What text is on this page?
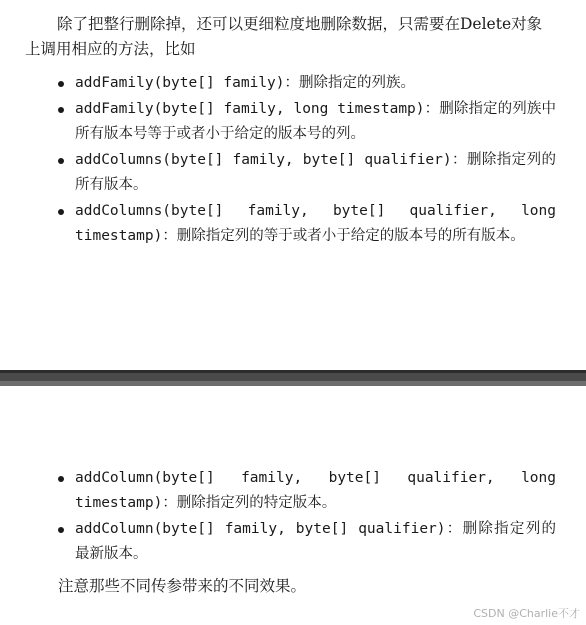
除了把整行删除掉，还可以更细粒度地删除数据，只需要在Delete对象上调用相应的方法，比如

addFamily(byte[] family)：删除指定的列族。
addFamily(byte[] family, long timestamp)：删除指定的列族中所有版本号等于或者小于给定的版本号的列。
addColumns(byte[] family, byte[] qualifier)：删除指定列的所有版本。
addColumns(byte[] family, byte[] qualifier, long timestamp)：删除指定列的等于或者小于给定的版本号的所有版本。
addColumn(byte[] family, byte[] qualifier, long timestamp)：删除指定列的特定版本。
addColumn(byte[] family, byte[] qualifier)：删除指定列的最新版本。

注意那些不同传参带来的不同效果。

CSDN @Charlie不才
